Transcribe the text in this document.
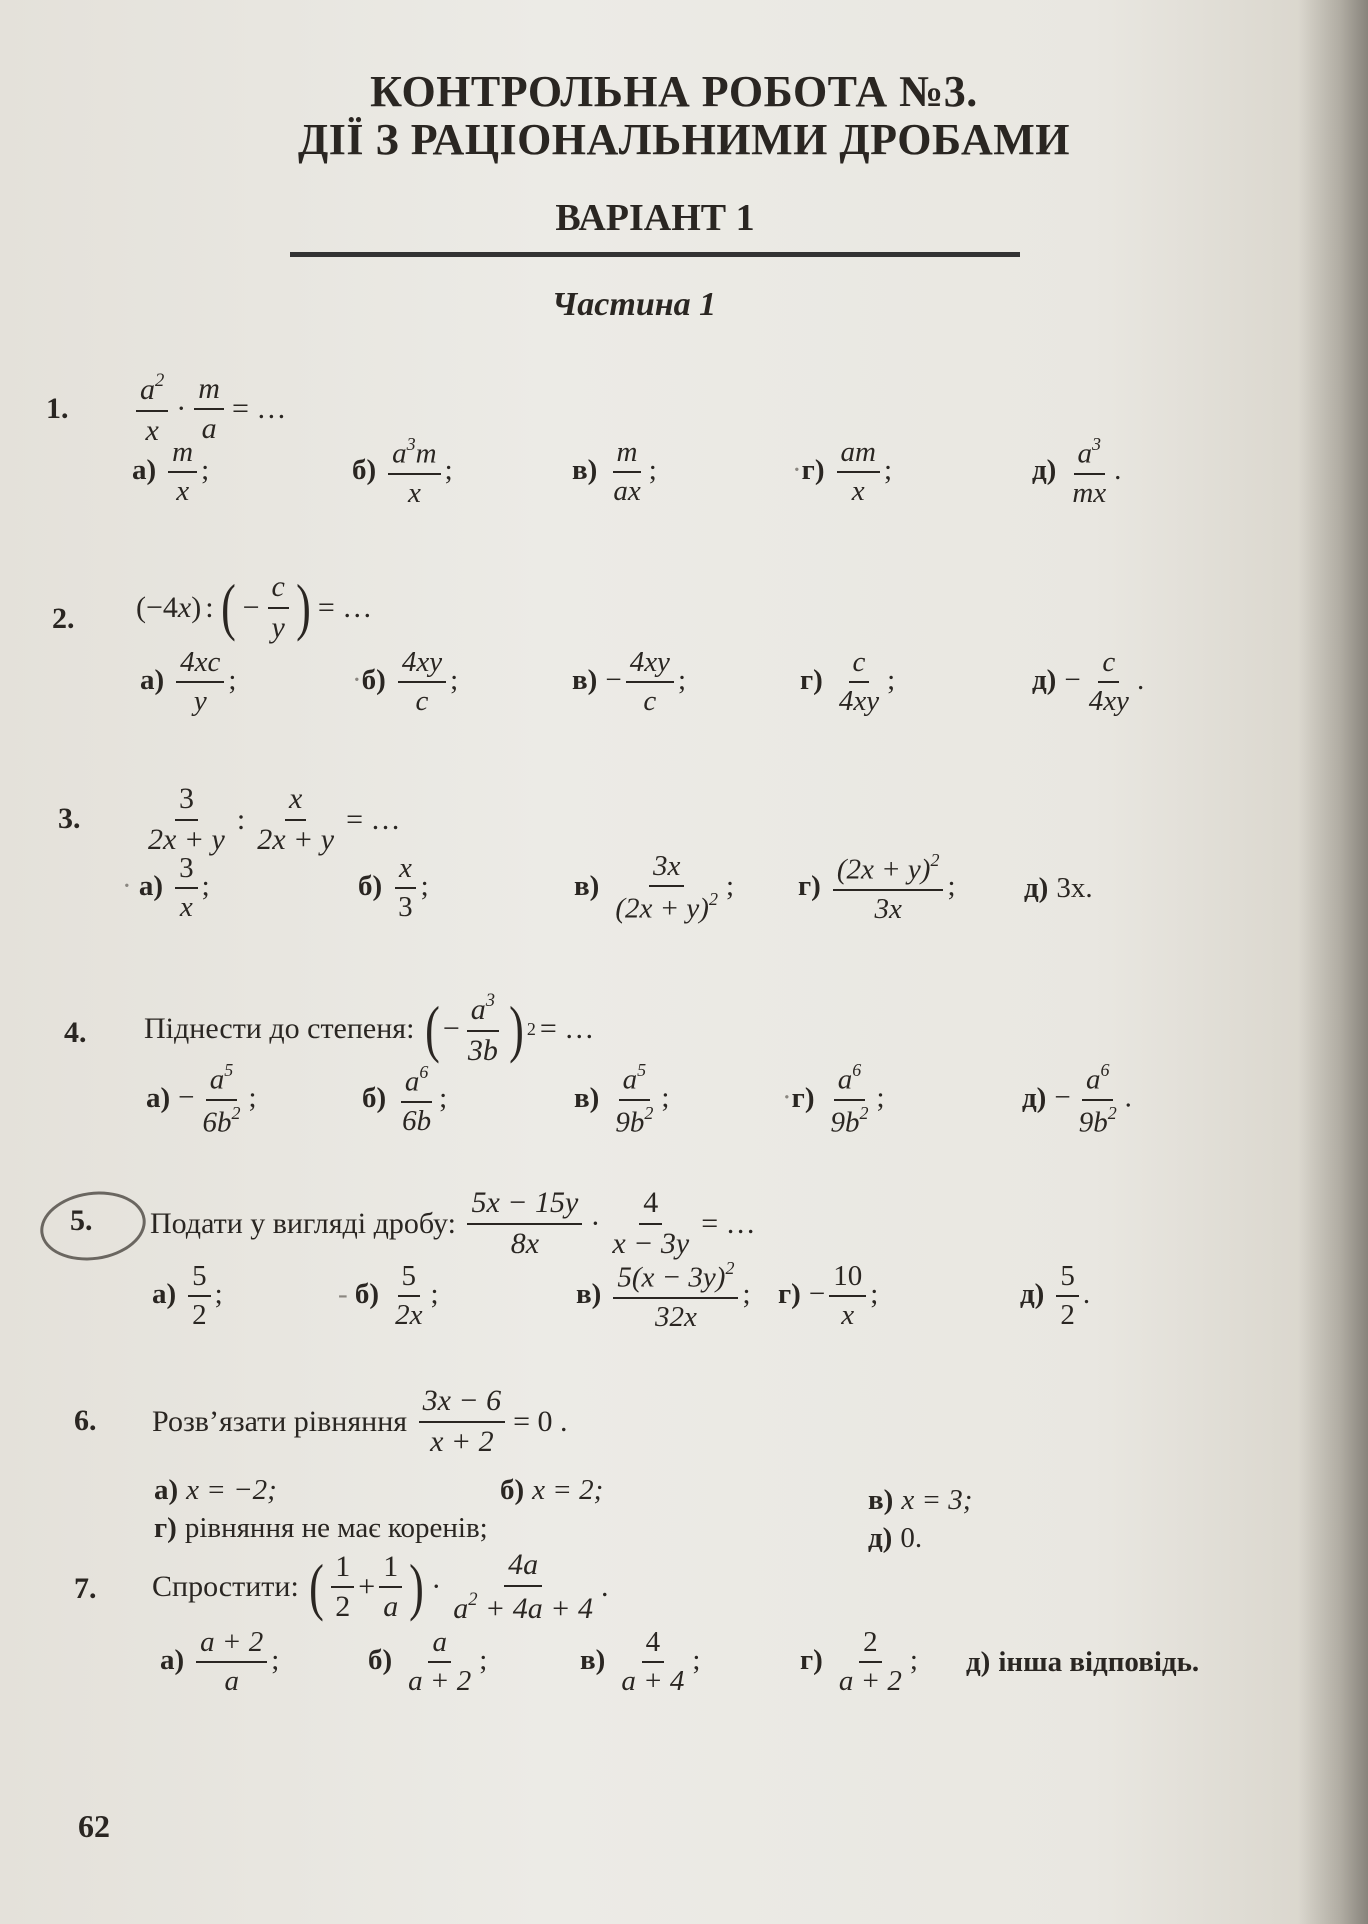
КОНТРОЛЬНА РОБОТА №3.
ДІЇ З РАЦІОНАЛЬНИМИ ДРОБАМИ
ВАРІАНТ 1
Частина 1
1. $\frac{a^2}{x} \cdot \frac{m}{a}$ = …
$а) \frac{m}{x}$ ;	$б) \frac{a^3m}{x}$ ;	$в) \frac{m}{ax}$ ;	$\cdot г) \frac{am}{x}$ ;	$д) \frac{a^3}{mx}$ .
2. (−4 x ) : ( − $\frac{c}{y}$ ) = …
$а) \frac{4xc}{y}$ ;	$\cdot б) \frac{4xy}{c}$ ;	$в) - \frac{4xy}{c}$ ;	$г) \frac{c}{4xy}$ ;	$д) - \frac{c}{4xy}$ .
3. $\frac{3}{2x + y}$ : $\frac{x}{2x + y}$ = …
· $а) \frac{3}{x}$ ;	$б) \frac{x}{3}$ ;	$в) \frac{3x}{(2x + y)^2}$ ; $г) \frac{(2x + y)^2}{3x}$ ; д) 3x.
4. Піднести до степеня:
( − $\frac{a^3}{3b}$ ) 2 = …
$а) - \frac{a^5}{6b^2}$ ;	$б) \frac{a^6}{6b}$ ;	$в) \frac{a^5}{9b^2}$ ;	$\cdot г) \frac{a^6}{9b^2}$ ;	$д) - \frac{a^6}{9b^2}$ .
5. Подати у вигляді дробу:
$\frac{5x - 15y}{8x} \cdot \frac{4}{x - 3y}$ = …
$а) \frac{5}{2}$ ;	- $б) \frac{5}{2x}$ ;	$в) \frac{5(x - 3y)^2}{32x}$ ; $г) - \frac{10}{x}$ ;	$д) \frac{5}{2}$ .
6. Розв’язати рівняння
$\frac{3x - 6}{x + 2} = 0$ .
а) x = −2;	б) x = 2;	в) x = 3;
г) рівняння не має коренів;	д) 0.
7. Спростити:
( $\frac{1}{2} + \frac{1}{a}$ ) · $\frac{4a}{a^2 + 4a + 4}$ .
$а) \frac{a + 2}{a}$ ;	$б) \frac{a}{a + 2}$ ;	$в) \frac{4}{a + 4}$ ;	$г) \frac{2}{a + 2}$ ; д) інша відповідь.
62
